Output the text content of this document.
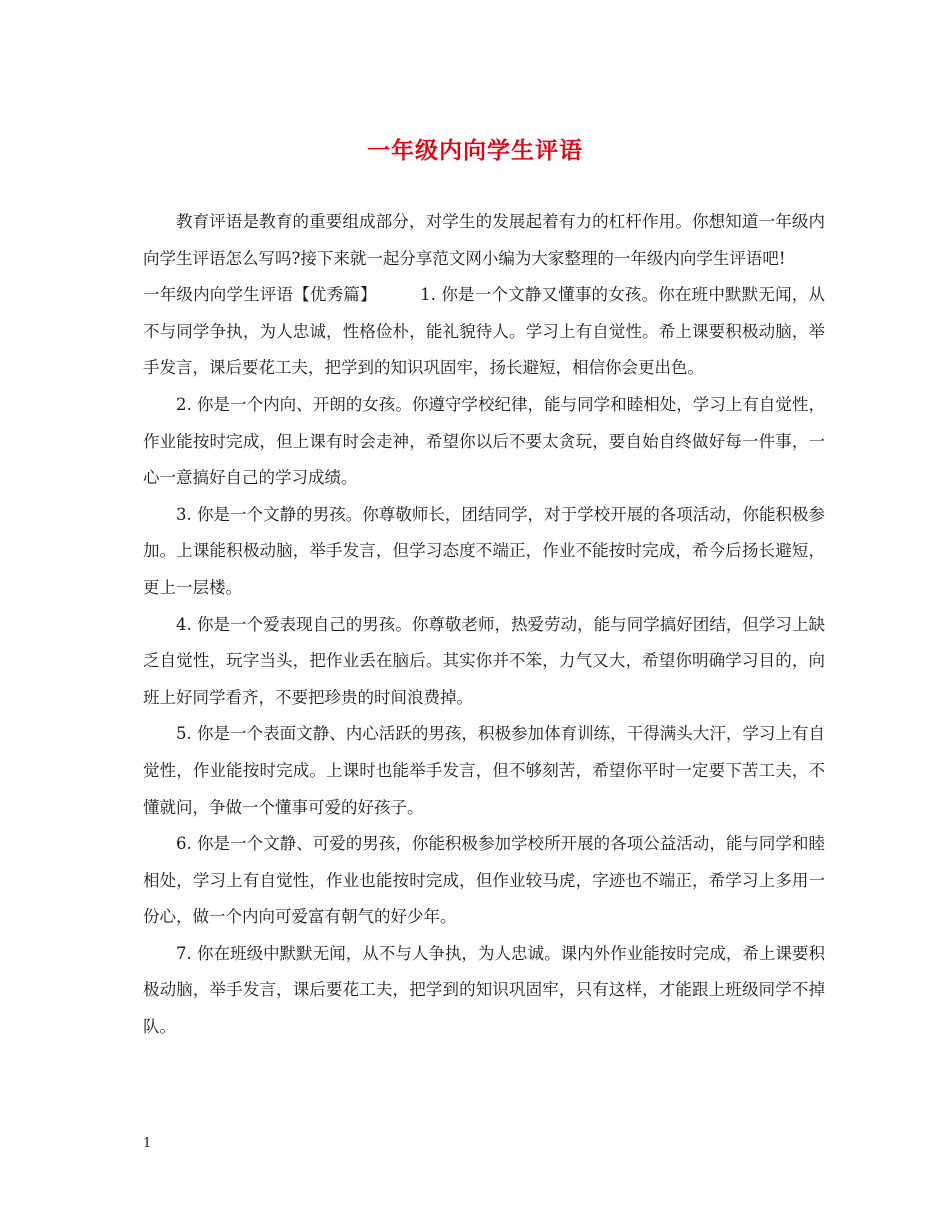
一年级内向学生评语

教育评语是教育的重要组成部分，对学生的发展起着有力的杠杆作用。你想知道一年级内向学生评语怎么写吗?接下来就一起分享范文网小编为大家整理的一年级内向学生评语吧!

一年级内向学生评语【优秀篇】	1. 你是一个文静又懂事的女孩。你在班中默默无闻，从不与同学争执，为人忠诚，性格俭朴，能礼貌待人。学习上有自觉性。希上课要积极动脑，举手发言，课后要花工夫，把学到的知识巩固牢，扬长避短，相信你会更出色。

2. 你是一个内向、开朗的女孩。你遵守学校纪律，能与同学和睦相处，学习上有自觉性，作业能按时完成，但上课有时会走神，希望你以后不要太贪玩，要自始自终做好每一件事，一心一意搞好自己的学习成绩。

3. 你是一个文静的男孩。你尊敬师长，团结同学，对于学校开展的各项活动，你能积极参加。上课能积极动脑，举手发言，但学习态度不端正，作业不能按时完成，希今后扬长避短，更上一层楼。

4. 你是一个爱表现自己的男孩。你尊敬老师，热爱劳动，能与同学搞好团结，但学习上缺乏自觉性，玩字当头，把作业丢在脑后。其实你并不笨，力气又大，希望你明确学习目的，向班上好同学看齐，不要把珍贵的时间浪费掉。

5. 你是一个表面文静、内心活跃的男孩，积极参加体育训练，干得满头大汗，学习上有自觉性，作业能按时完成。上课时也能举手发言，但不够刻苦，希望你平时一定要下苦工夫，不懂就问，争做一个懂事可爱的好孩子。

6. 你是一个文静、可爱的男孩，你能积极参加学校所开展的各项公益活动，能与同学和睦相处，学习上有自觉性，作业也能按时完成，但作业较马虎，字迹也不端正，希学习上多用一份心，做一个内向可爱富有朝气的好少年。

7. 你在班级中默默无闻，从不与人争执，为人忠诚。课内外作业能按时完成，希上课要积极动脑，举手发言，课后要花工夫，把学到的知识巩固牢，只有这样，才能跟上班级同学不掉队。

1
